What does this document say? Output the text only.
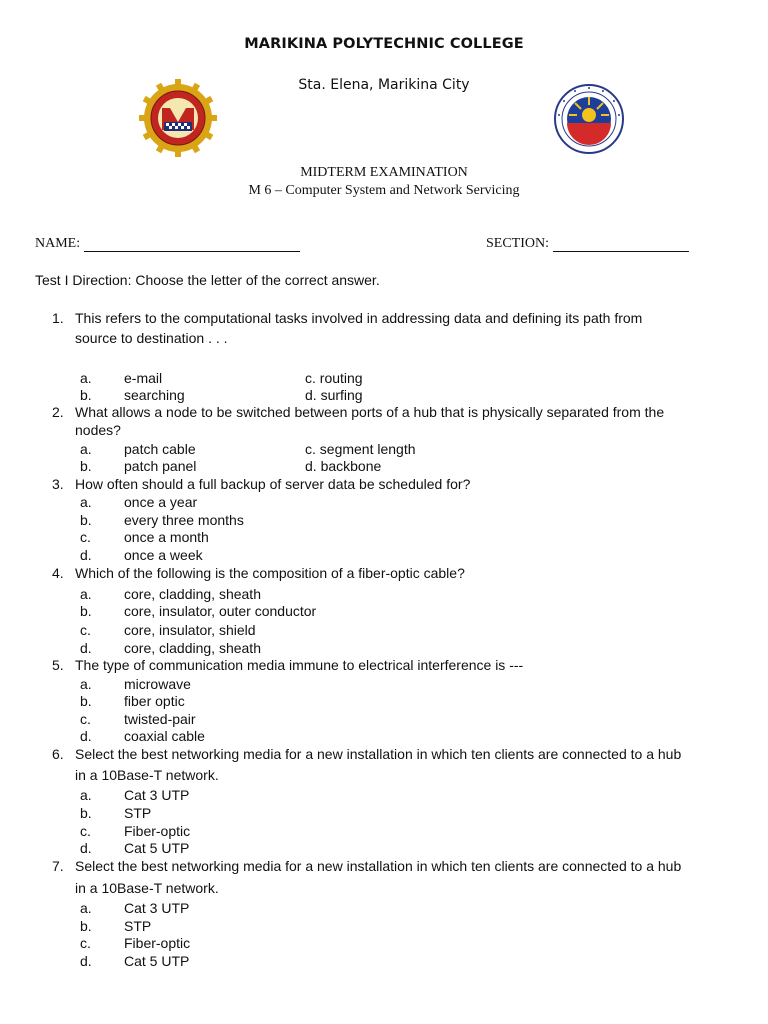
MARIKINA POLYTECHNIC COLLEGE
Sta. Elena, Marikina City
MIDTERM EXAMINATION
M 6 – Computer System and Network Servicing
NAME:	SECTION:
Test I Direction: Choose the letter of the correct answer.
1. This refers to the computational tasks involved in addressing data and defining its path from
source to destination . . .
a. e-mail	c. routing
b. searching	d. surfing
2. What allows a node to be switched between ports of a hub that is physically separated from the
nodes?
a. patch cable	c. segment length
b. patch panel	d. backbone
3. How often should a full backup of server data be scheduled for?
a. once a year
b. every three months
c. once a month
d. once a week
4. Which of the following is the composition of a fiber-optic cable?
a. core, cladding, sheath
b. core, insulator, outer conductor
c. core, insulator, shield
d. core, cladding, sheath
5. The type of communication media immune to electrical interference is ---
a. microwave
b. fiber optic
c. twisted-pair
d. coaxial cable
6. Select the best networking media for a new installation in which ten clients are connected to a hub
in a 10Base-T network.
a. Cat 3 UTP
b. STP
c. Fiber-optic
d. Cat 5 UTP
7. Select the best networking media for a new installation in which ten clients are connected to a hub
in a 10Base-T network.
a. Cat 3 UTP
b. STP
c. Fiber-optic
d. Cat 5 UTP
